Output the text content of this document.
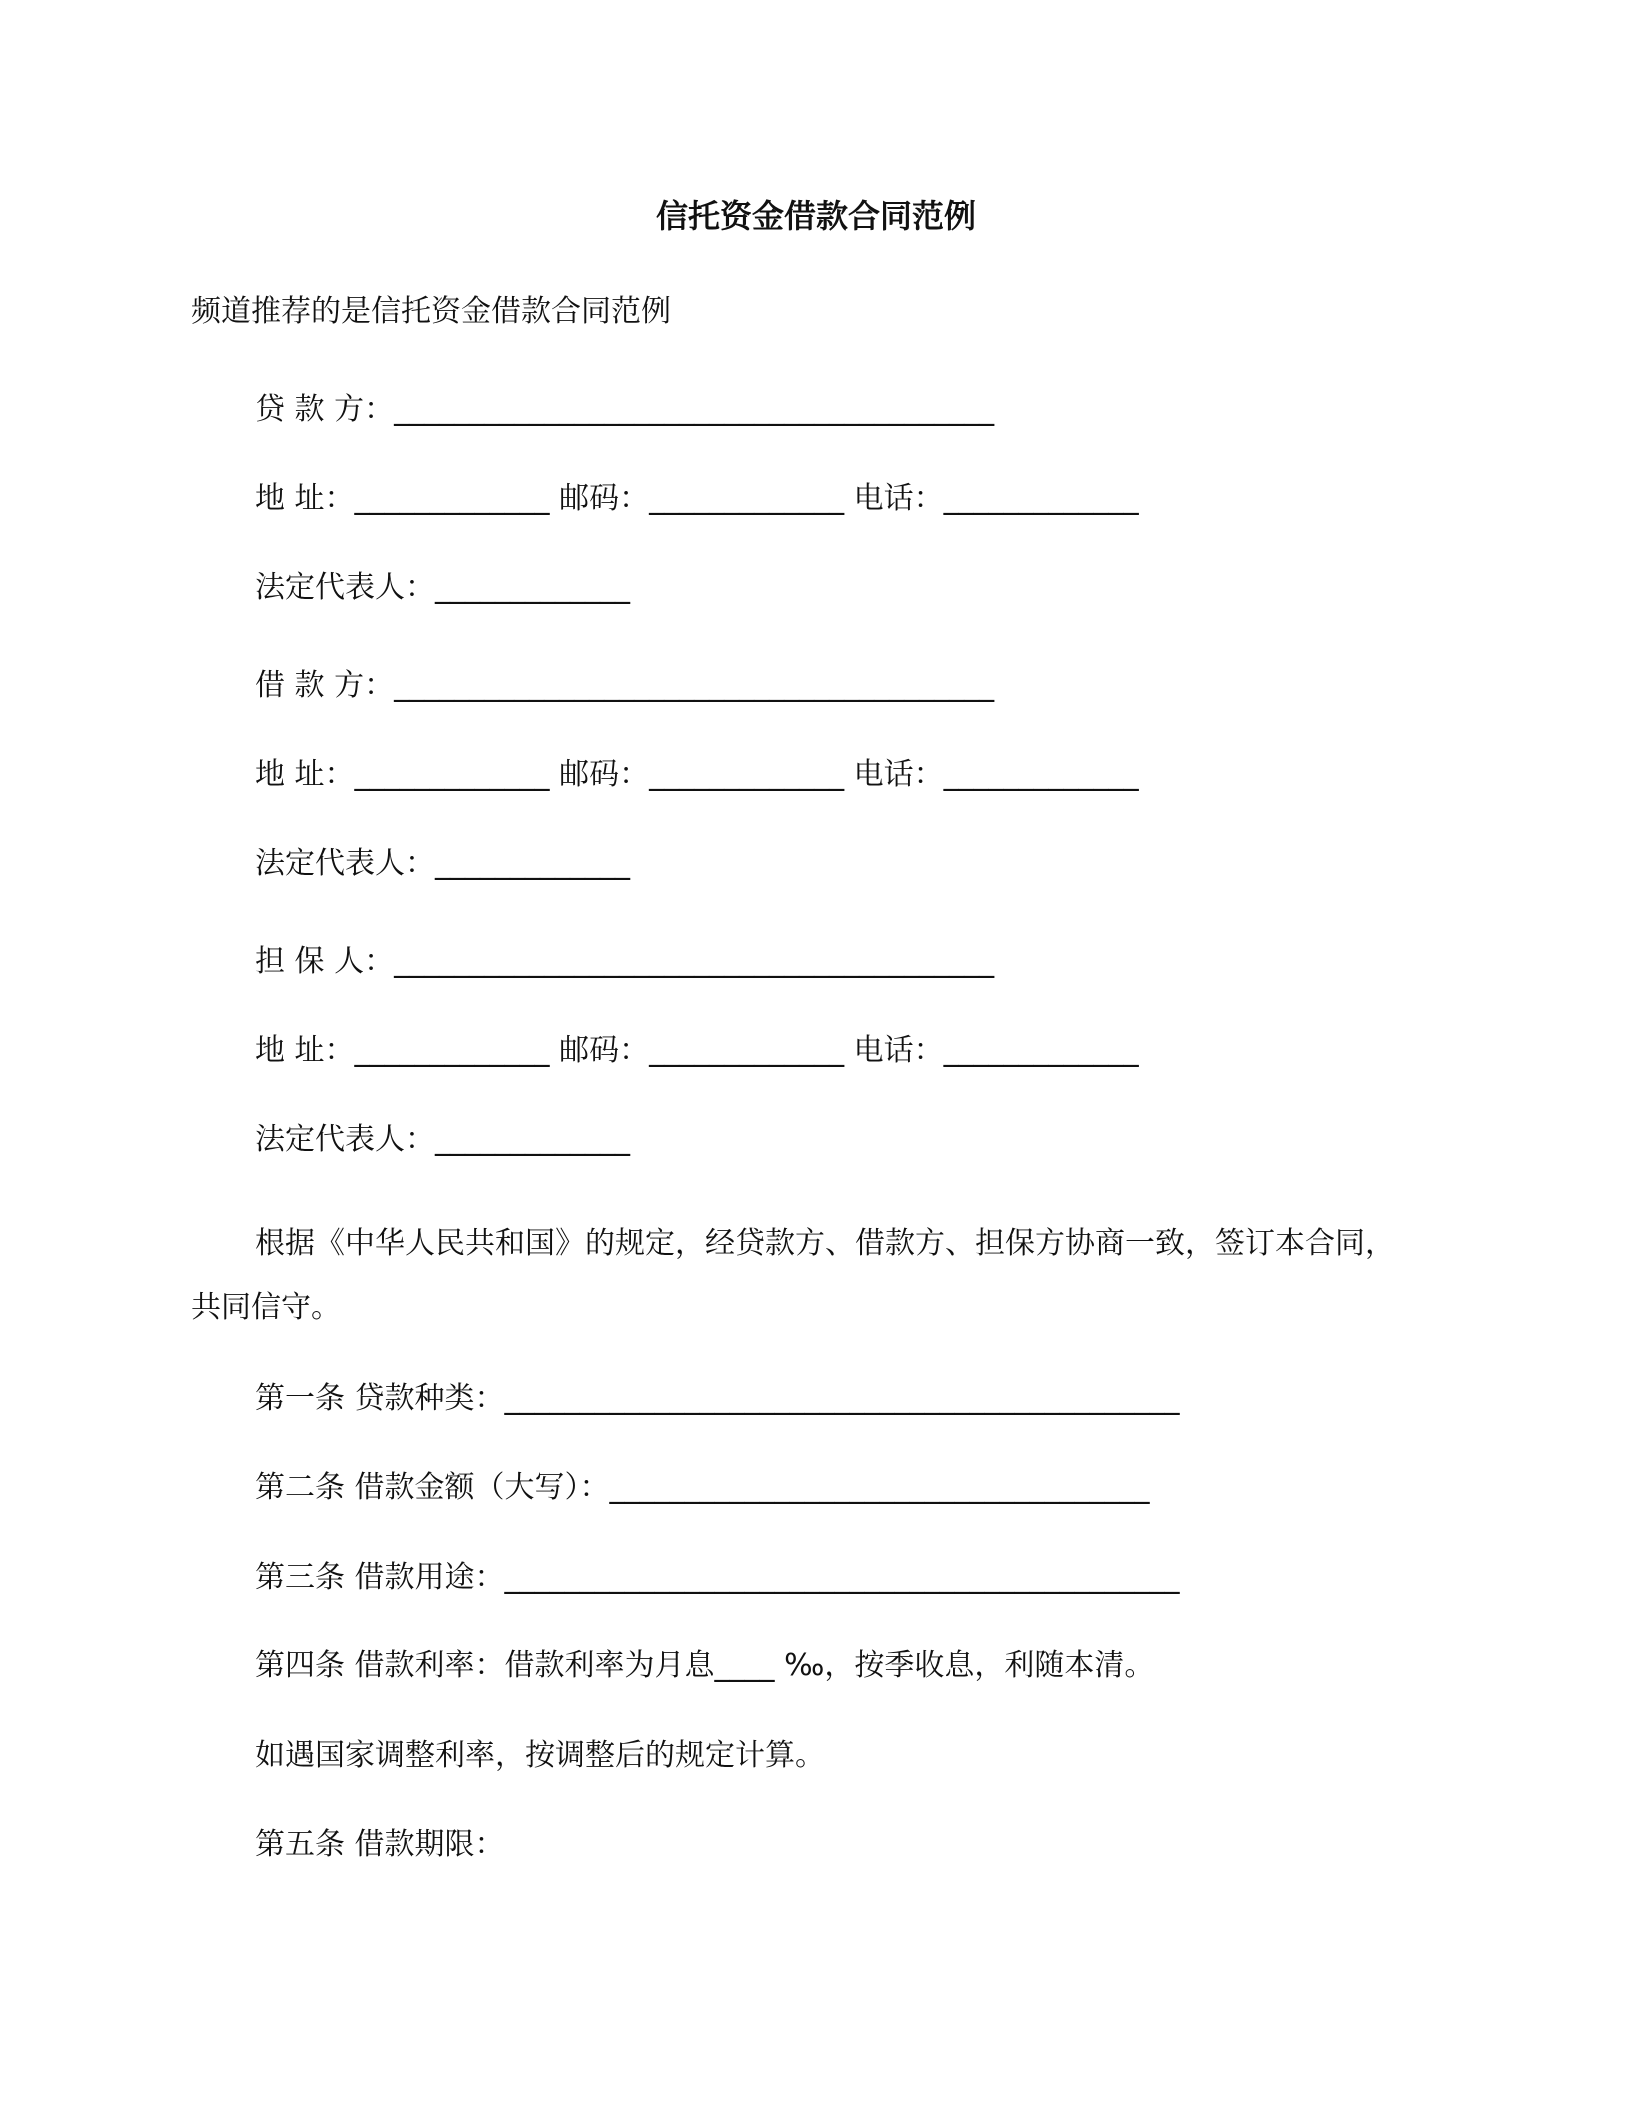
信托资金借款合同范例
频道推荐的是信托资金借款合同范例
贷 款 方：________________________________________
地 址：_____________ 邮码：_____________ 电话：_____________
法定代表人：_____________
借 款 方：________________________________________
地 址：_____________ 邮码：_____________ 电话：_____________
法定代表人：_____________
担 保 人：________________________________________
地 址：_____________ 邮码：_____________ 电话：_____________
法定代表人：_____________
根据《中华人民共和国》的规定，经贷款方、借款方、担保方协商一致，签订本合同，共同信守。
第一条 贷款种类：_____________________________________________
第二条 借款金额（大写）：____________________________________
第三条 借款用途：_____________________________________________
第四条 借款利率：借款利率为月息____ ‰，按季收息，利随本清。
如遇国家调整利率，按调整后的规定计算。
第五条 借款期限：
